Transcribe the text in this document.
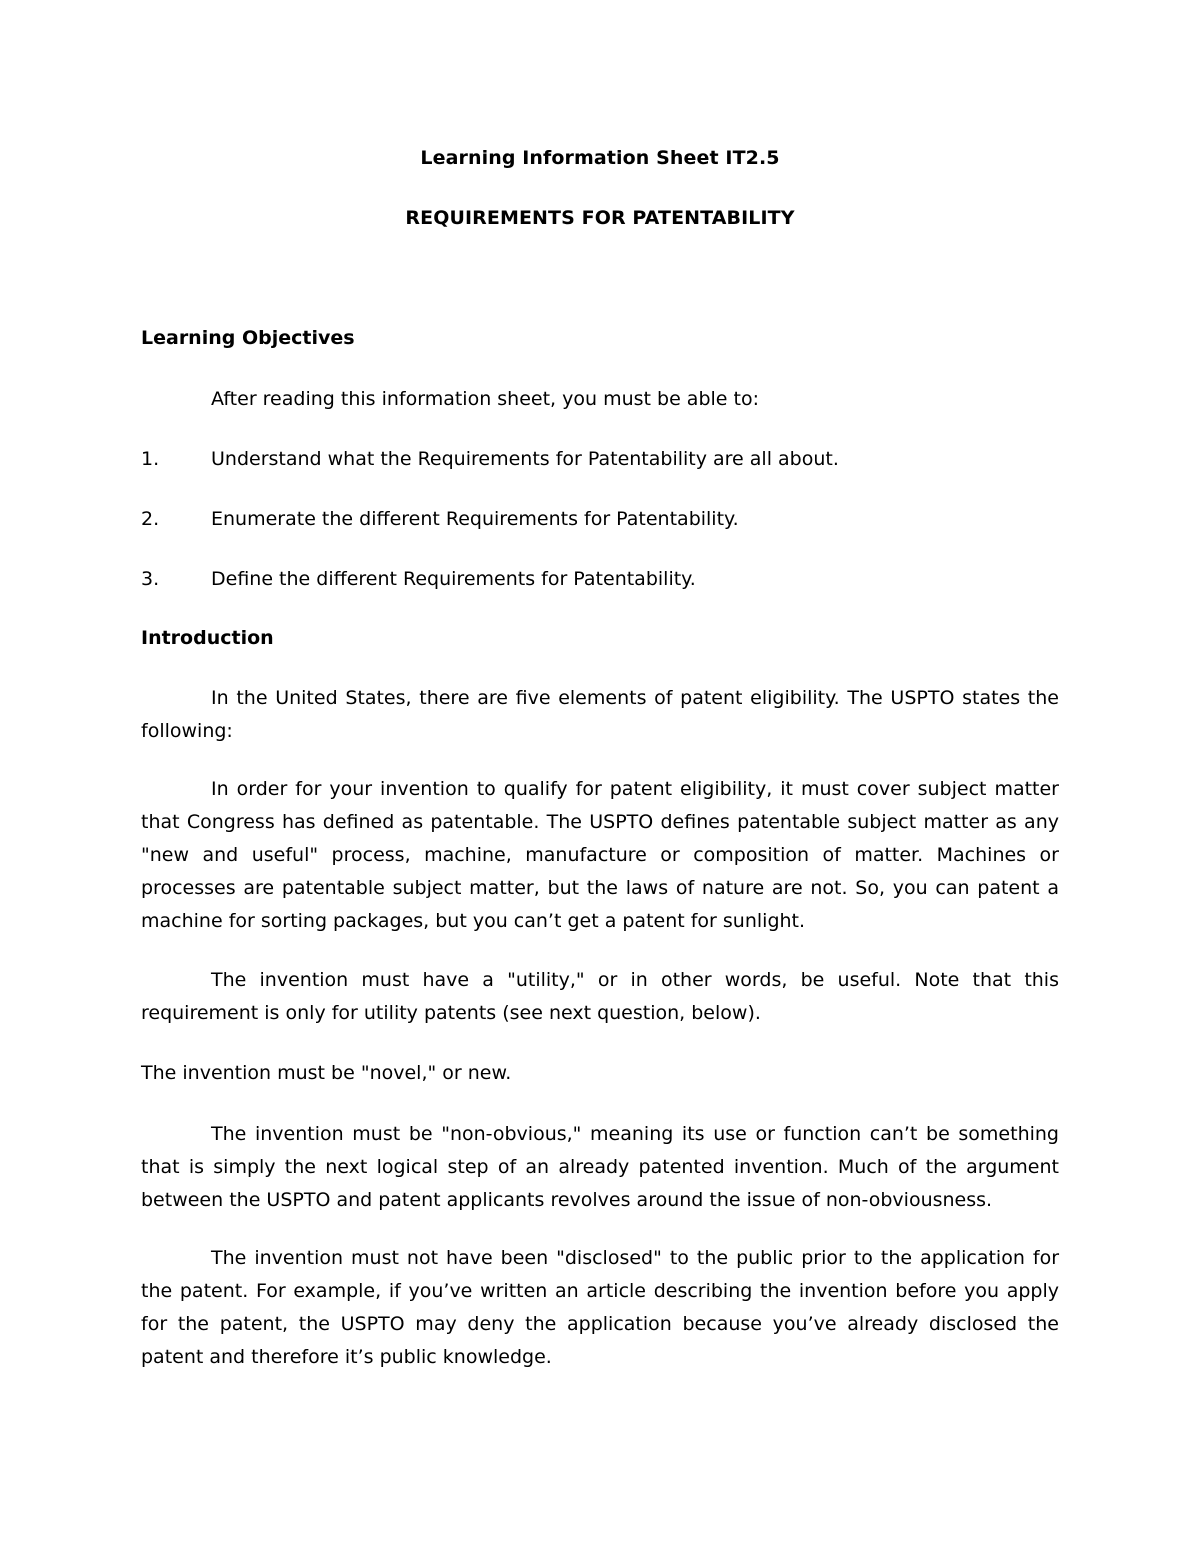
Learning Information Sheet IT2.5
REQUIREMENTS FOR PATENTABILITY
Learning Objectives
After reading this information sheet, you must be able to:
1.	Understand what the Requirements for Patentability are all about.
2.	Enumerate the different Requirements for Patentability.
3.	Define the different Requirements for Patentability.
Introduction
In the United States, there are five elements of patent eligibility. The USPTO states the following:
In order for your invention to qualify for patent eligibility, it must cover subject matter that Congress has defined as patentable. The USPTO defines patentable subject matter as any "new and useful" process, machine, manufacture or composition of matter. Machines or processes are patentable subject matter, but the laws of nature are not. So, you can patent a machine for sorting packages, but you can’t get a patent for sunlight.
The invention must have a "utility," or in other words, be useful. Note that this requirement is only for utility patents (see next question, below).
The invention must be "novel," or new.
The invention must be "non-obvious," meaning its use or function can’t be something that is simply the next logical step of an already patented invention. Much of the argument between the USPTO and patent applicants revolves around the issue of non-obviousness.
The invention must not have been "disclosed" to the public prior to the application for the patent. For example, if you’ve written an article describing the invention before you apply for the patent, the USPTO may deny the application because you’ve already disclosed the patent and therefore it’s public knowledge.
